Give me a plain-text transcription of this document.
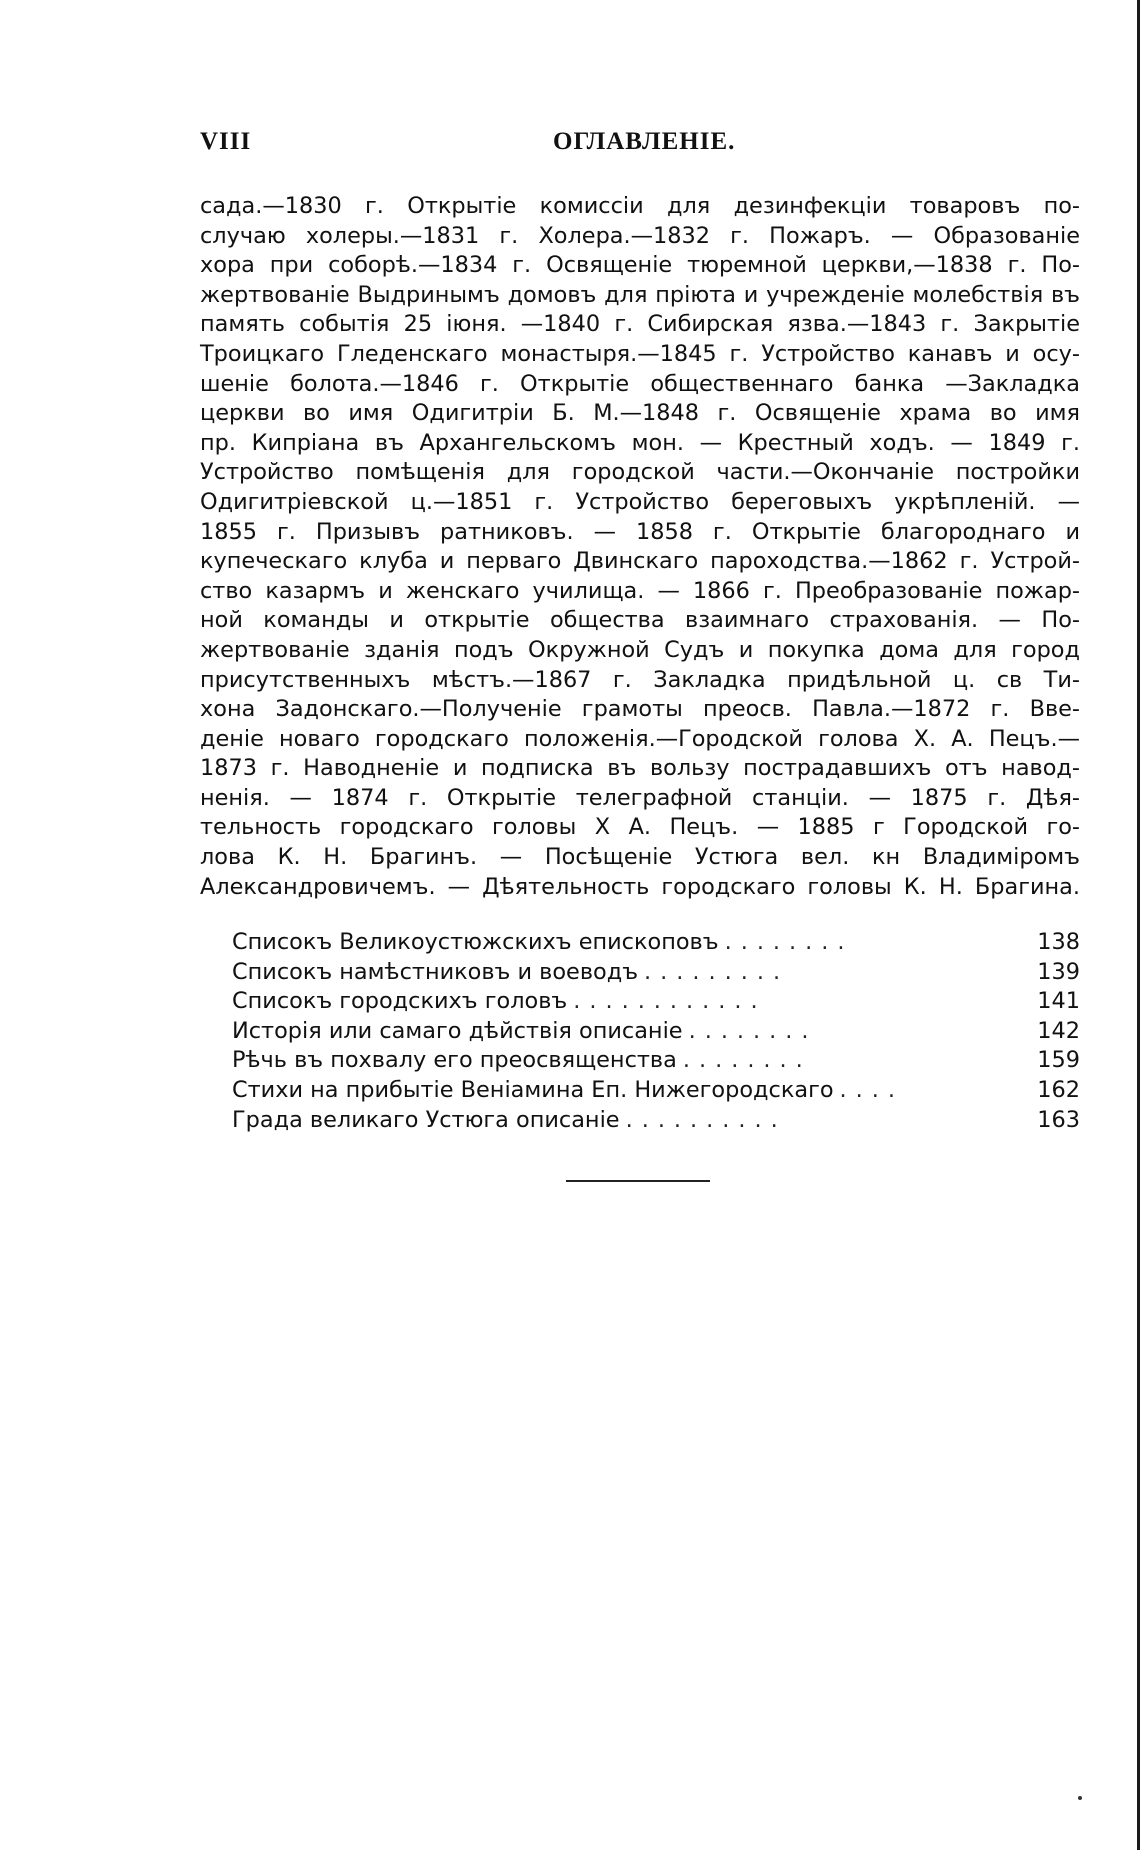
VIII	ОГЛАВЛЕНІЕ.
сада.—1830 г. Открытіе комиссіи для дезинфекціи товаровъ по-
случаю холеры.—1831 г. Холера.—1832 г. Пожаръ. — Образованіе
хора при соборѣ.—1834 г. Освященіе тюремной церкви,—1838 г. По-
жертвованіе Выдринымъ домовъ для пріюта и учрежденіе молебствія въ
память событія 25 іюня. —1840 г. Сибирская язва.—1843 г. Закрытіе
Троицкаго Гледенскаго монастыря.—1845 г. Устройство канавъ и осу-
шеніе болота.—1846 г. Открытіе общественнаго банка —Закладка
церкви во имя Одигитріи Б. М.—1848 г. Освященіе храма во имя
пр. Кипріана въ Архангельскомъ мон. — Крестный ходъ. — 1849 г.
Устройство помѣщенія для городской части.—Окончаніе постройки
Одигитріевской ц.—1851 г. Устройство береговыхъ укрѣпленій. —
1855 г. Призывъ ратниковъ. — 1858 г. Открытіе благороднаго и
купеческаго клуба и перваго Двинскаго пароходства.—1862 г. Устрой-
ство казармъ и женскаго училища. — 1866 г. Преобразованіе пожар-
ной команды и открытіе общества взаимнаго страхованія. — По-
жертвованіе зданія подъ Окружной Судъ и покупка дома для город
присутственныхъ мѣстъ.—1867 г. Закладка придѣльной ц. св Ти-
хона Задонскаго.—Полученіе грамоты преосв. Павла.—1872 г. Вве-
деніе новаго городскаго положенія.—Городской голова Х. А. Пецъ.—
1873 г. Наводненіе и подписка въ вользу пострадавшихъ отъ навод-
ненія. — 1874 г. Открытіе телеграфной станціи. — 1875 г. Дѣя-
тельность городскаго головы Х А. Пецъ. — 1885 г Городской го-
лова К. Н. Брагинъ. — Посѣщеніе Устюга вел. кн Владиміромъ
Александровичемъ. — Дѣятельность городскаго головы К. Н. Брагина.
Списокъ Великоустюжскихъ епископовъ ........	138
Списокъ намѣстниковъ и воеводъ .........	139
Списокъ городскихъ головъ ............	141
Исторія или самаго дѣйствія описаніе ........	142
Рѣчь въ похвалу его преосвященства ........	159
Стихи на прибытіе Веніамина Еп. Нижегородскаго ....	162
Града великаго Устюга описаніе ..........	163
